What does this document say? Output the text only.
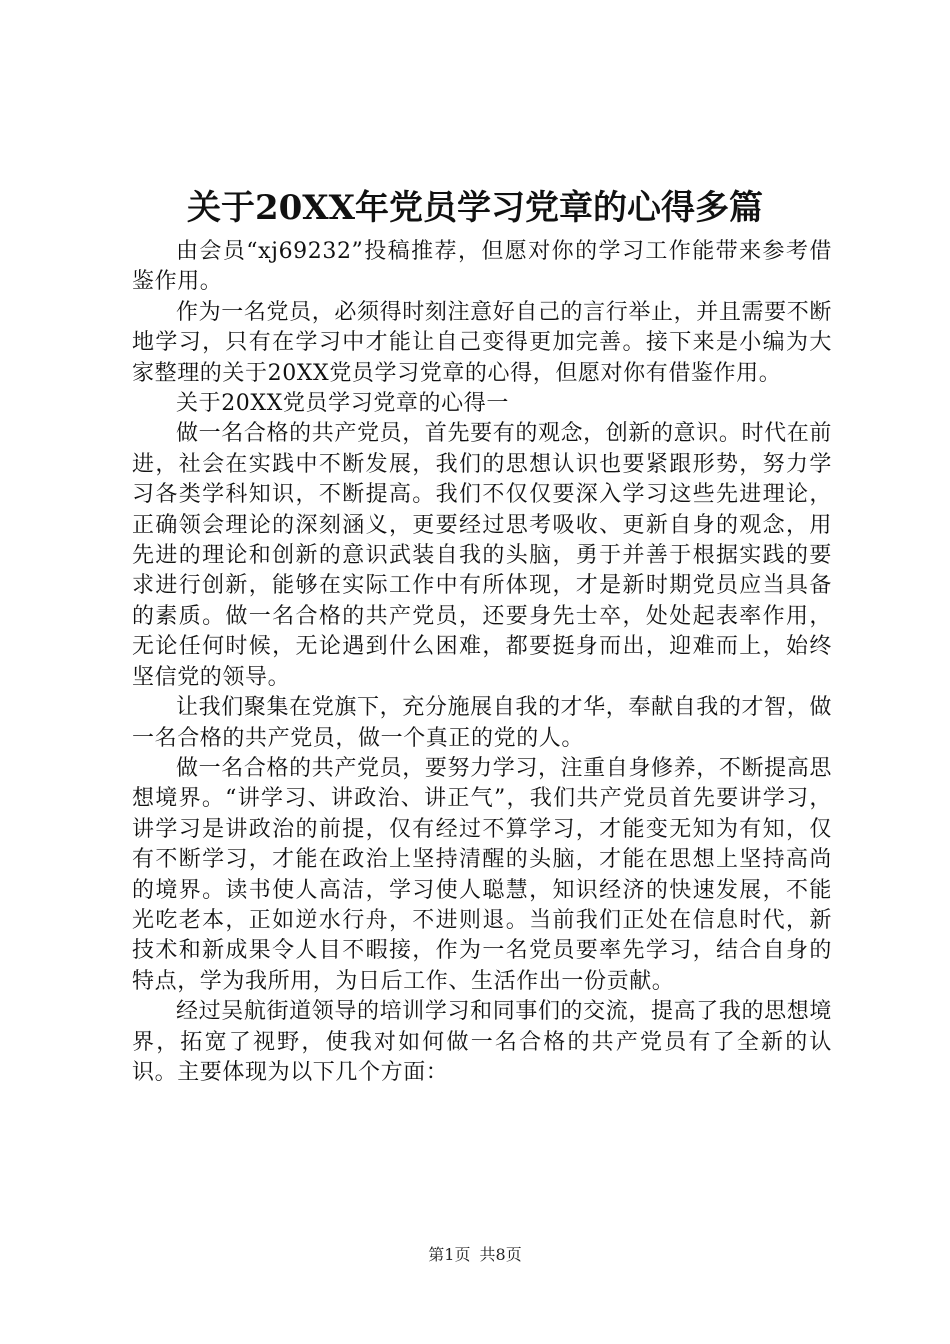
关于20XX年党员学习党章的心得多篇

由会员“xj69232”投稿推荐，但愿对你的学习工作能带来参考借鉴作用。

作为一名党员，必须得时刻注意好自己的言行举止，并且需要不断地学习，只有在学习中才能让自己变得更加完善。接下来是小编为大家整理的关于20XX党员学习党章的心得，但愿对你有借鉴作用。

关于20XX党员学习党章的心得一

做一名合格的共产党员，首先要有的观念，创新的意识。时代在前进，社会在实践中不断发展，我们的思想认识也要紧跟形势，努力学习各类学科知识，不断提高。我们不仅仅要深入学习这些先进理论，正确领会理论的深刻涵义，更要经过思考吸收、更新自身的观念，用先进的理论和创新的意识武装自我的头脑，勇于并善于根据实践的要求进行创新，能够在实际工作中有所体现，才是新时期党员应当具备的素质。做一名合格的共产党员，还要身先士卒，处处起表率作用，无论任何时候，无论遇到什么困难，都要挺身而出，迎难而上，始终坚信党的领导。

让我们聚集在党旗下，充分施展自我的才华，奉献自我的才智，做一名合格的共产党员，做一个真正的党的人。

做一名合格的共产党员，要努力学习，注重自身修养，不断提高思想境界。“讲学习、讲政治、讲正气”，我们共产党员首先要讲学习，讲学习是讲政治的前提，仅有经过不算学习，才能变无知为有知，仅有不断学习，才能在政治上坚持清醒的头脑，才能在思想上坚持高尚的境界。读书使人高洁，学习使人聪慧，知识经济的快速发展，不能光吃老本，正如逆水行舟，不进则退。当前我们正处在信息时代，新技术和新成果令人目不暇接，作为一名党员要率先学习，结合自身的特点，学为我所用，为日后工作、生活作出一份贡献。

经过吴航街道领导的培训学习和同事们的交流，提高了我的思想境界，拓宽了视野，使我对如何做一名合格的共产党员有了全新的认识。主要体现为以下几个方面：

第1页 共8页
